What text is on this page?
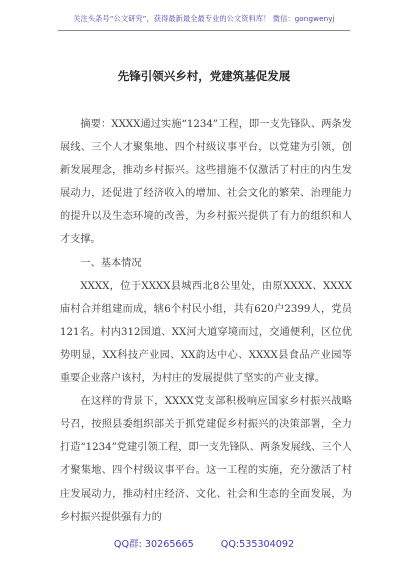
关注头条号“公文研究”，获得最新最全最专业的公文资料库！ 微信：gongwenyj
先锋引领兴乡村，党建筑基促发展

摘要：XXXX通过实施“1234”工程，即一支先锋队、两条发展线、三个人才聚集地、四个村级议事平台，以党建为引领，创新发展理念，推动乡村振兴。这些措施不仅激活了村庄的内生发展动力，还促进了经济收入的增加、社会文化的繁荣、治理能力的提升以及生态环境的改善，为乡村振兴提供了有力的组织和人才支撑。

一、基本情况

XXXX，位于XXXX县城西北8公里处，由原XXXX、XXXX庙村合并组建而成，辖6个村民小组，共有620户2399人，党员121名。村内312国道、XX河大道穿境而过，交通便利，区位优势明显，XX科技产业园、XX韵达中心、XXXX县食品产业园等重要企业落户该村，为村庄的发展提供了坚实的产业支撑。

在这样的背景下，XXXX党支部积极响应国家乡村振兴战略号召，按照县委组织部关于抓党建促乡村振兴的决策部署，全力打造“1234”党建引领工程，即一支先锋队、两条发展线、三个人才聚集地、四个村级议事平台。这一工程的实施，充分激活了村庄发展动力，推动村庄经济、文化、社会和生态的全面发展，为乡村振兴提供强有力的

QQ群: 30265665	QQ:535304092
